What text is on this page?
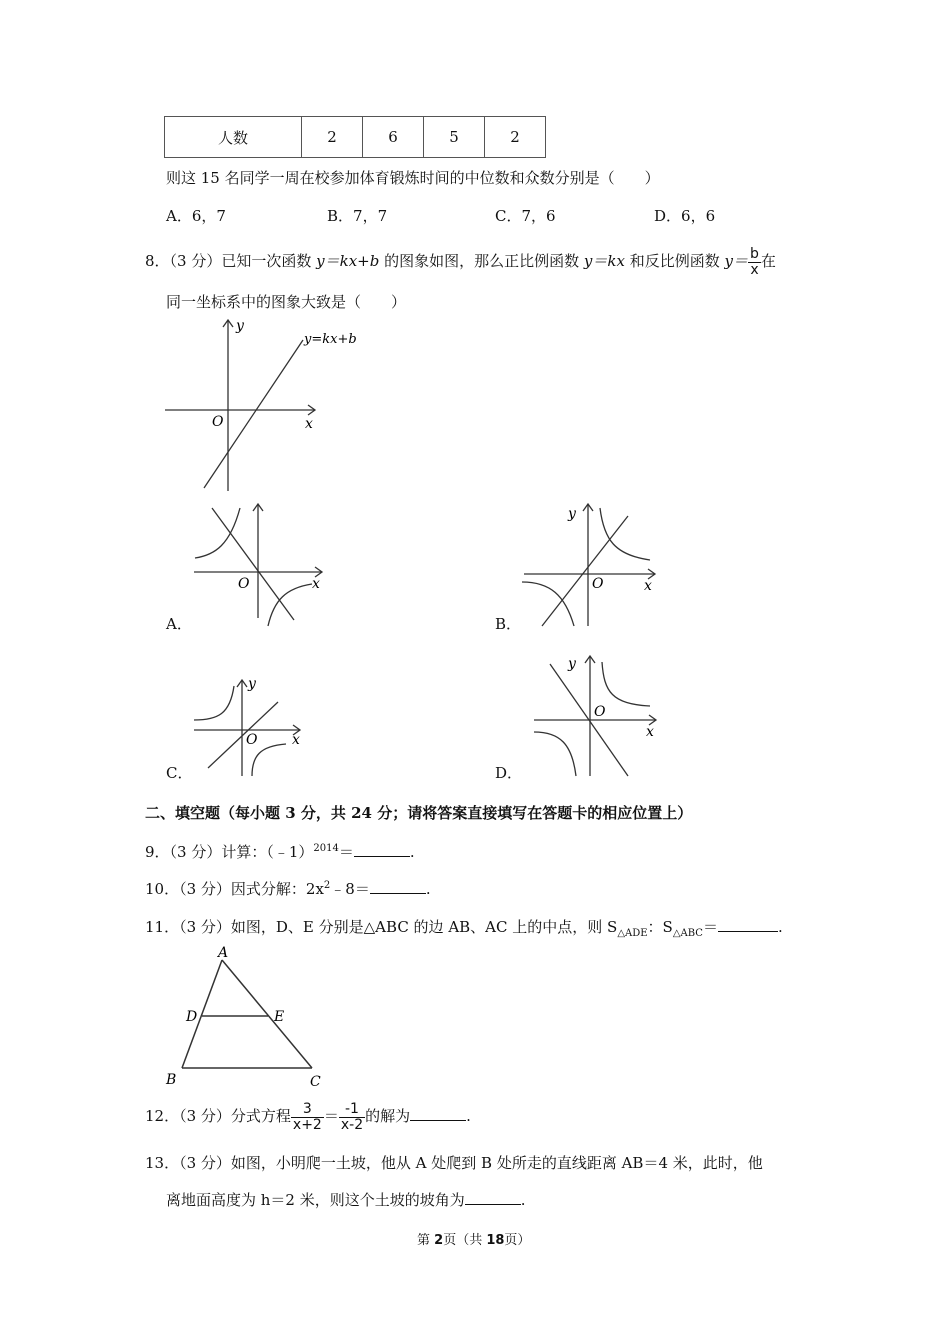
人数	2	6	5	2
则这 15 名同学一周在校参加体育锻炼时间的中位数和众数分别是（　　）
A．6，7	B．7，7	C．7，6	D．6，6
8．（3 分）已知一次函数 y＝kx+b 的图象如图，那么正比例函数 y＝kx 和反比例函数 $y= \frac{b}{x}$ 在
同一坐标系中的图象大致是（　　）
y=kx+b
O	x
y
O	x
A．
O	x
y
B．
O x
y
C．
O
x
y
D．
二、填空题（每小题 3 分，共 24 分；请将答案直接填写在答题卡的相应位置上）
9．（3 分）计算：（﹣1）$^{2014}$＝	.
10．（3 分）因式分解：$2x^2﹣8=$	.
11．（3 分）如图，D、E 分别是△ABC 的边 AB、AC 上的中点，则 $S_{\triangle ADE}$：$S_{\triangle ABC}=$	.
A
D	E
B	C
12．（3 分）分式方程 $\frac{3}{x+2} = \frac{-1}{x-2}$ 的解为	.
13．（3 分）如图，小明爬一土坡，他从 A 处爬到 B 处所走的直线距离 AB＝4 米，此时，他
离地面高度为 h＝2 米，则这个土坡的坡角为	.
第 2页（共 18页）
